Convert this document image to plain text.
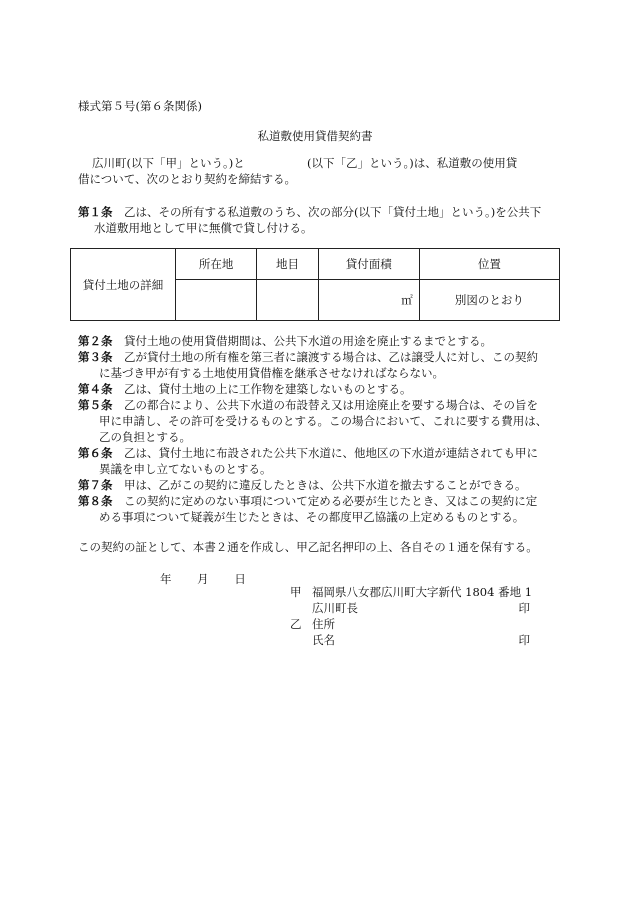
様式第５号(第６条関係)
私道敷使用貸借契約書
広川町(以下「甲」という。)と	(以下「乙」という。)は、私道敷の使用貸
借について、次のとおり契約を締結する。
第１条　 乙は、その所有する私道敷のうち、次の部分(以下「貸付土地」という。)を公共下
水道敷用地として甲に無償で貸し付ける。
貸付土地の詳細	所在地	地目	貸付面積	位置
			㎡	別図のとおり
第２条　 貸付土地の使用貸借期間は、公共下水道の用途を廃止するまでとする。
第３条　 乙が貸付土地の所有権を第三者に譲渡する場合は、乙は譲受人に対し、この契約
に基づき甲が有する土地使用貸借権を継承させなければならない。
第４条　 乙は、貸付土地の上に工作物を建築しないものとする。
第５条　 乙の都合により、公共下水道の布設替え又は用途廃止を要する場合は、その旨を
甲に申請し、その許可を受けるものとする。この場合において、これに要する費用は、
乙の負担とする。
第６条　 乙は、貸付土地に布設された公共下水道に、他地区の下水道が連結されても甲に
異議を申し立てないものとする。
第７条　 甲は、乙がこの契約に違反したときは、公共下水道を撤去することができる。
第８条　 この契約に定めのない事項について定める必要が生じたとき、又はこの契約に定
める事項について疑義が生じたときは、その都度甲乙協議の上定めるものとする。
この契約の証として、本書２通を作成し、甲乙記名押印の上、各自その１通を保有する。
年 月 日
甲 福岡県八女郡広川町大字新代 1804 番地 1
広川町長	印
乙 住所
氏名	印
